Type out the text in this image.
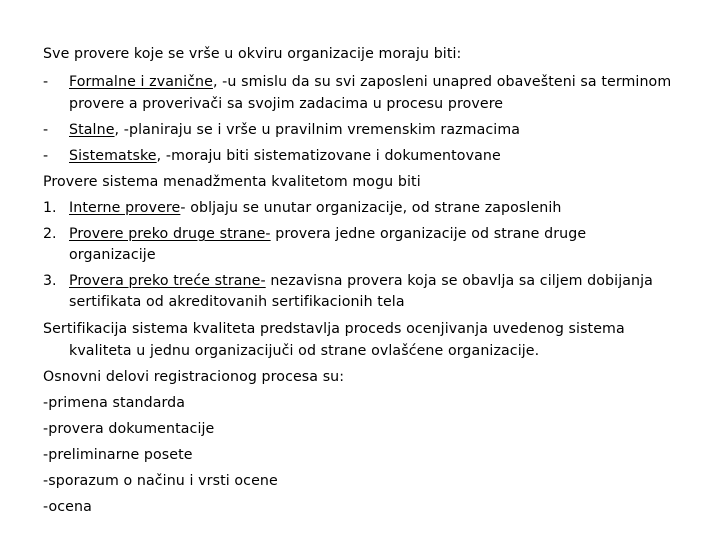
Sve provere koje se vrše u okviru organizacije moraju biti:
- Formalne i zvanične, -u smislu da su svi zaposleni unapred obavešteni sa terminom
provere a proverivači sa svojim zadacima u procesu provere
- Stalne, -planiraju se i vrše u pravilnim vremenskim razmacima
- Sistematske, -moraju biti sistematizovane i dokumentovane
Provere sistema menadžmenta kvalitetom mogu biti
1. Interne provere- obljaju se unutar organizacije, od strane zaposlenih
2. Provere preko druge strane- provera jedne organizacije od strane druge
organizacije
3. Provera preko treće strane- nezavisna provera koja se obavlja sa ciljem dobijanja
sertifikata od akreditovanih sertifikacionih tela
Sertifikacija sistema kvaliteta predstavlja proceds ocenjivanja uvedenog sistema
kvaliteta u jednu organizacijuči od strane ovlašćene organizacije.
Osnovni delovi registracionog procesa su:
-primena standarda
-provera dokumentacije
-preliminarne posete
-sporazum o načinu i vrsti ocene
-ocena
